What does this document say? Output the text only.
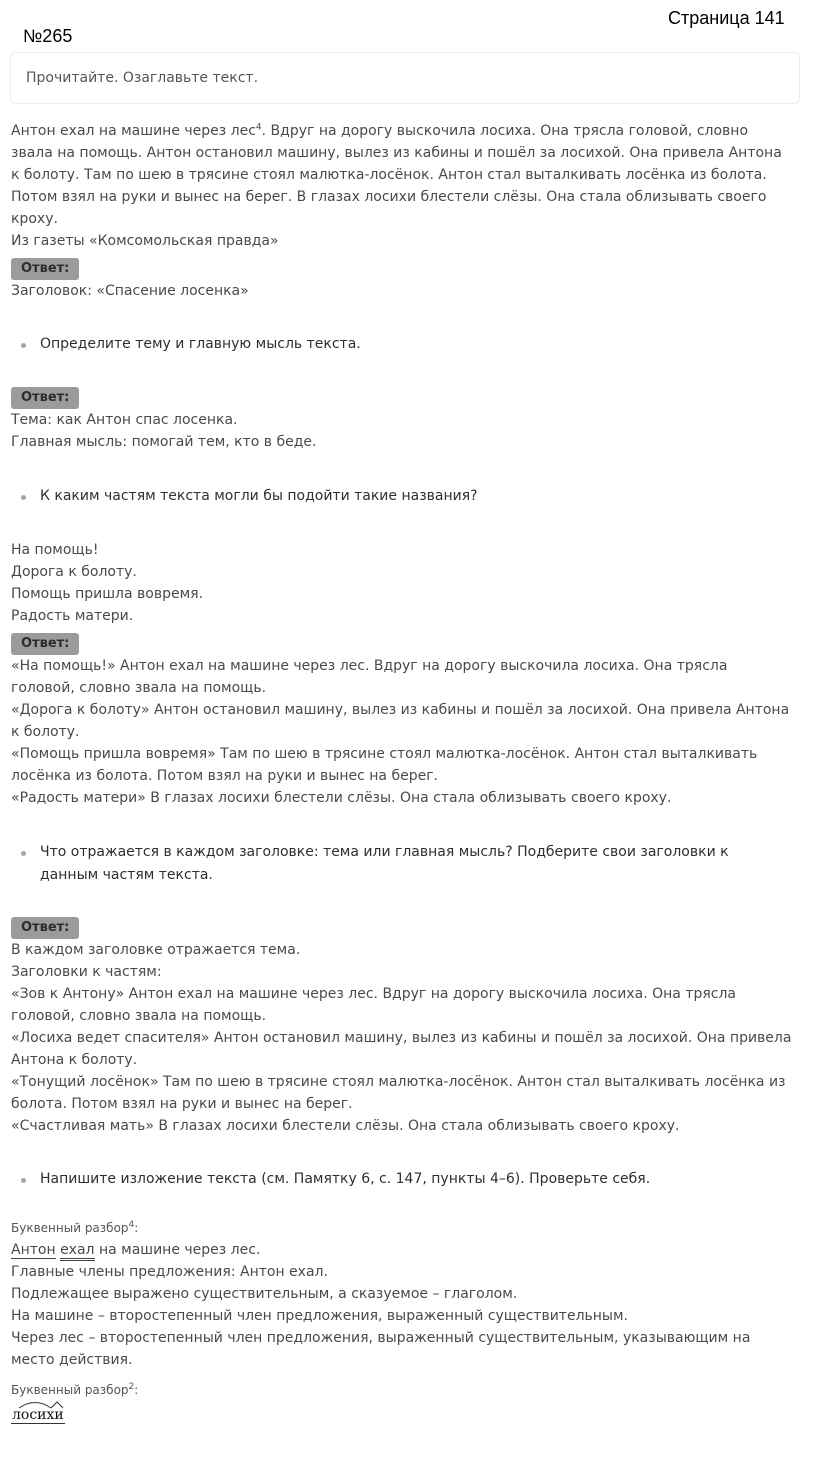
Страница 141
№265
Прочитайте. Озаглавьте текст.
Антон ехал на машине через лес$^4$. Вдруг на дорогу выскочила лосиха. Она трясла головой, словно
звала на помощь. Антон остановил машину, вылез из кабины и пошёл за лосихой. Она привела Антона
к болоту. Там по шею в трясине стоял малютка-лосёнок. Антон стал выталкивать лосёнка из болота.
Потом взял на руки и вынес на берег. В глазах лосихи блестели слёзы. Она стала облизывать своего
кроху.
Из газеты «Комсомольская правда»
Ответ:
Заголовок: «Спасение лосенка»
Определите тему и главную мысль текста.
Ответ:
Тема: как Антон спас лосенка.
Главная мысль: помогай тем, кто в беде.
К каким частям текста могли бы подойти такие названия?
На помощь!
Дорога к болоту.
Помощь пришла вовремя.
Радость матери.
Ответ:
«На помощь!» Антон ехал на машине через лес. Вдруг на дорогу выскочила лосиха. Она трясла
головой, словно звала на помощь.
«Дорога к болоту» Антон остановил машину, вылез из кабины и пошёл за лосихой. Она привела Антона
к болоту.
«Помощь пришла вовремя» Там по шею в трясине стоял малютка-лосёнок. Антон стал выталкивать
лосёнка из болота. Потом взял на руки и вынес на берег.
«Радость матери» В глазах лосихи блестели слёзы. Она стала облизывать своего кроху.
Что отражается в каждом заголовке: тема или главная мысль? Подберите свои заголовки к
данным частям текста.
Ответ:
В каждом заголовке отражается тема.
Заголовки к частям:
«Зов к Антону» Антон ехал на машине через лес. Вдруг на дорогу выскочила лосиха. Она трясла
головой, словно звала на помощь.
«Лосиха ведет спасителя» Антон остановил машину, вылез из кабины и пошёл за лосихой. Она привела
Антона к болоту.
«Тонущий лосёнок» Там по шею в трясине стоял малютка-лосёнок. Антон стал выталкивать лосёнка из
болота. Потом взял на руки и вынес на берег.
«Счастливая мать» В глазах лосихи блестели слёзы. Она стала облизывать своего кроху.
Напишите изложение текста (см. Памятку 6, с. 147, пункты 4–6). Проверьте себя.
Буквенный разбор$^4$:
Антон ехал на машине через лес.
Главные члены предложения: Антон ехал.
Подлежащее выражено существительным, а сказуемое – глаголом.
На машине – второстепенный член предложения, выраженный существительным.
Через лес – второстепенный член предложения, выраженный существительным, указывающим на
место действия.
Буквенный разбор$^2$:
лосихи
